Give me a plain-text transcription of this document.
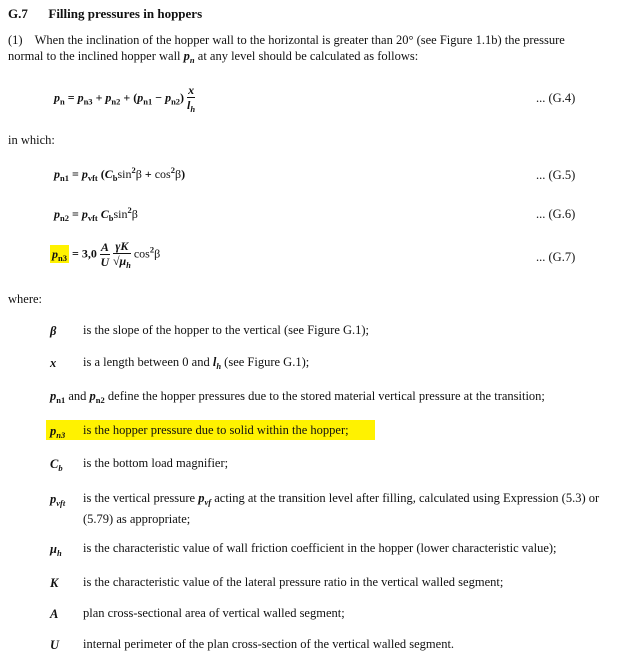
G.7 Filling pressures in hoppers
(1) When the inclination of the hopper wall to the horizontal is greater than 20° (see Figure 1.1b) the pressure
normal to the inclined hopper wall $p_n$ at any level should be calculated as follows:
$p_n = p_{n3} + p_{n2} + (p_{n1} - p_{n2}) \frac{x}{l_h}$	... (G.4)
in which:
$p_{n1} = p_{vft}$ $(C_b\sin^2\beta + \cos^2\beta)$	... (G.5)
$p_{n2} = p_{vft}$ $C_b\sin^2\beta$	... (G.6)
$p_{n3} = 3,0 \frac{A}{U}$
$\frac{\gamma K}{√\mu_h} \cos^2\beta$	... (G.7)
where:
β is the slope of the hopper to the vertical (see Figure G.1);
x is a length between 0 and $l_h$ (see Figure G.1);
$p_{n1}$ and $p_{n2}$ define the hopper pressures due to the stored material vertical pressure at the transition;
$p_{n3}$ is the hopper pressure due to solid within the hopper;
$C_b$ is the bottom load magnifier;
$p_{vft}$ is the vertical pressure $p_{vf}$ acting at the transition level after filling, calculated using Expression (5.3) or (5.79) as appropriate;
$\mu_h$ is the characteristic value of wall friction coefficient in the hopper (lower characteristic value);
K is the characteristic value of the lateral pressure ratio in the vertical walled segment;
A plan cross-sectional area of vertical walled segment;
U internal perimeter of the plan cross-section of the vertical walled segment.
